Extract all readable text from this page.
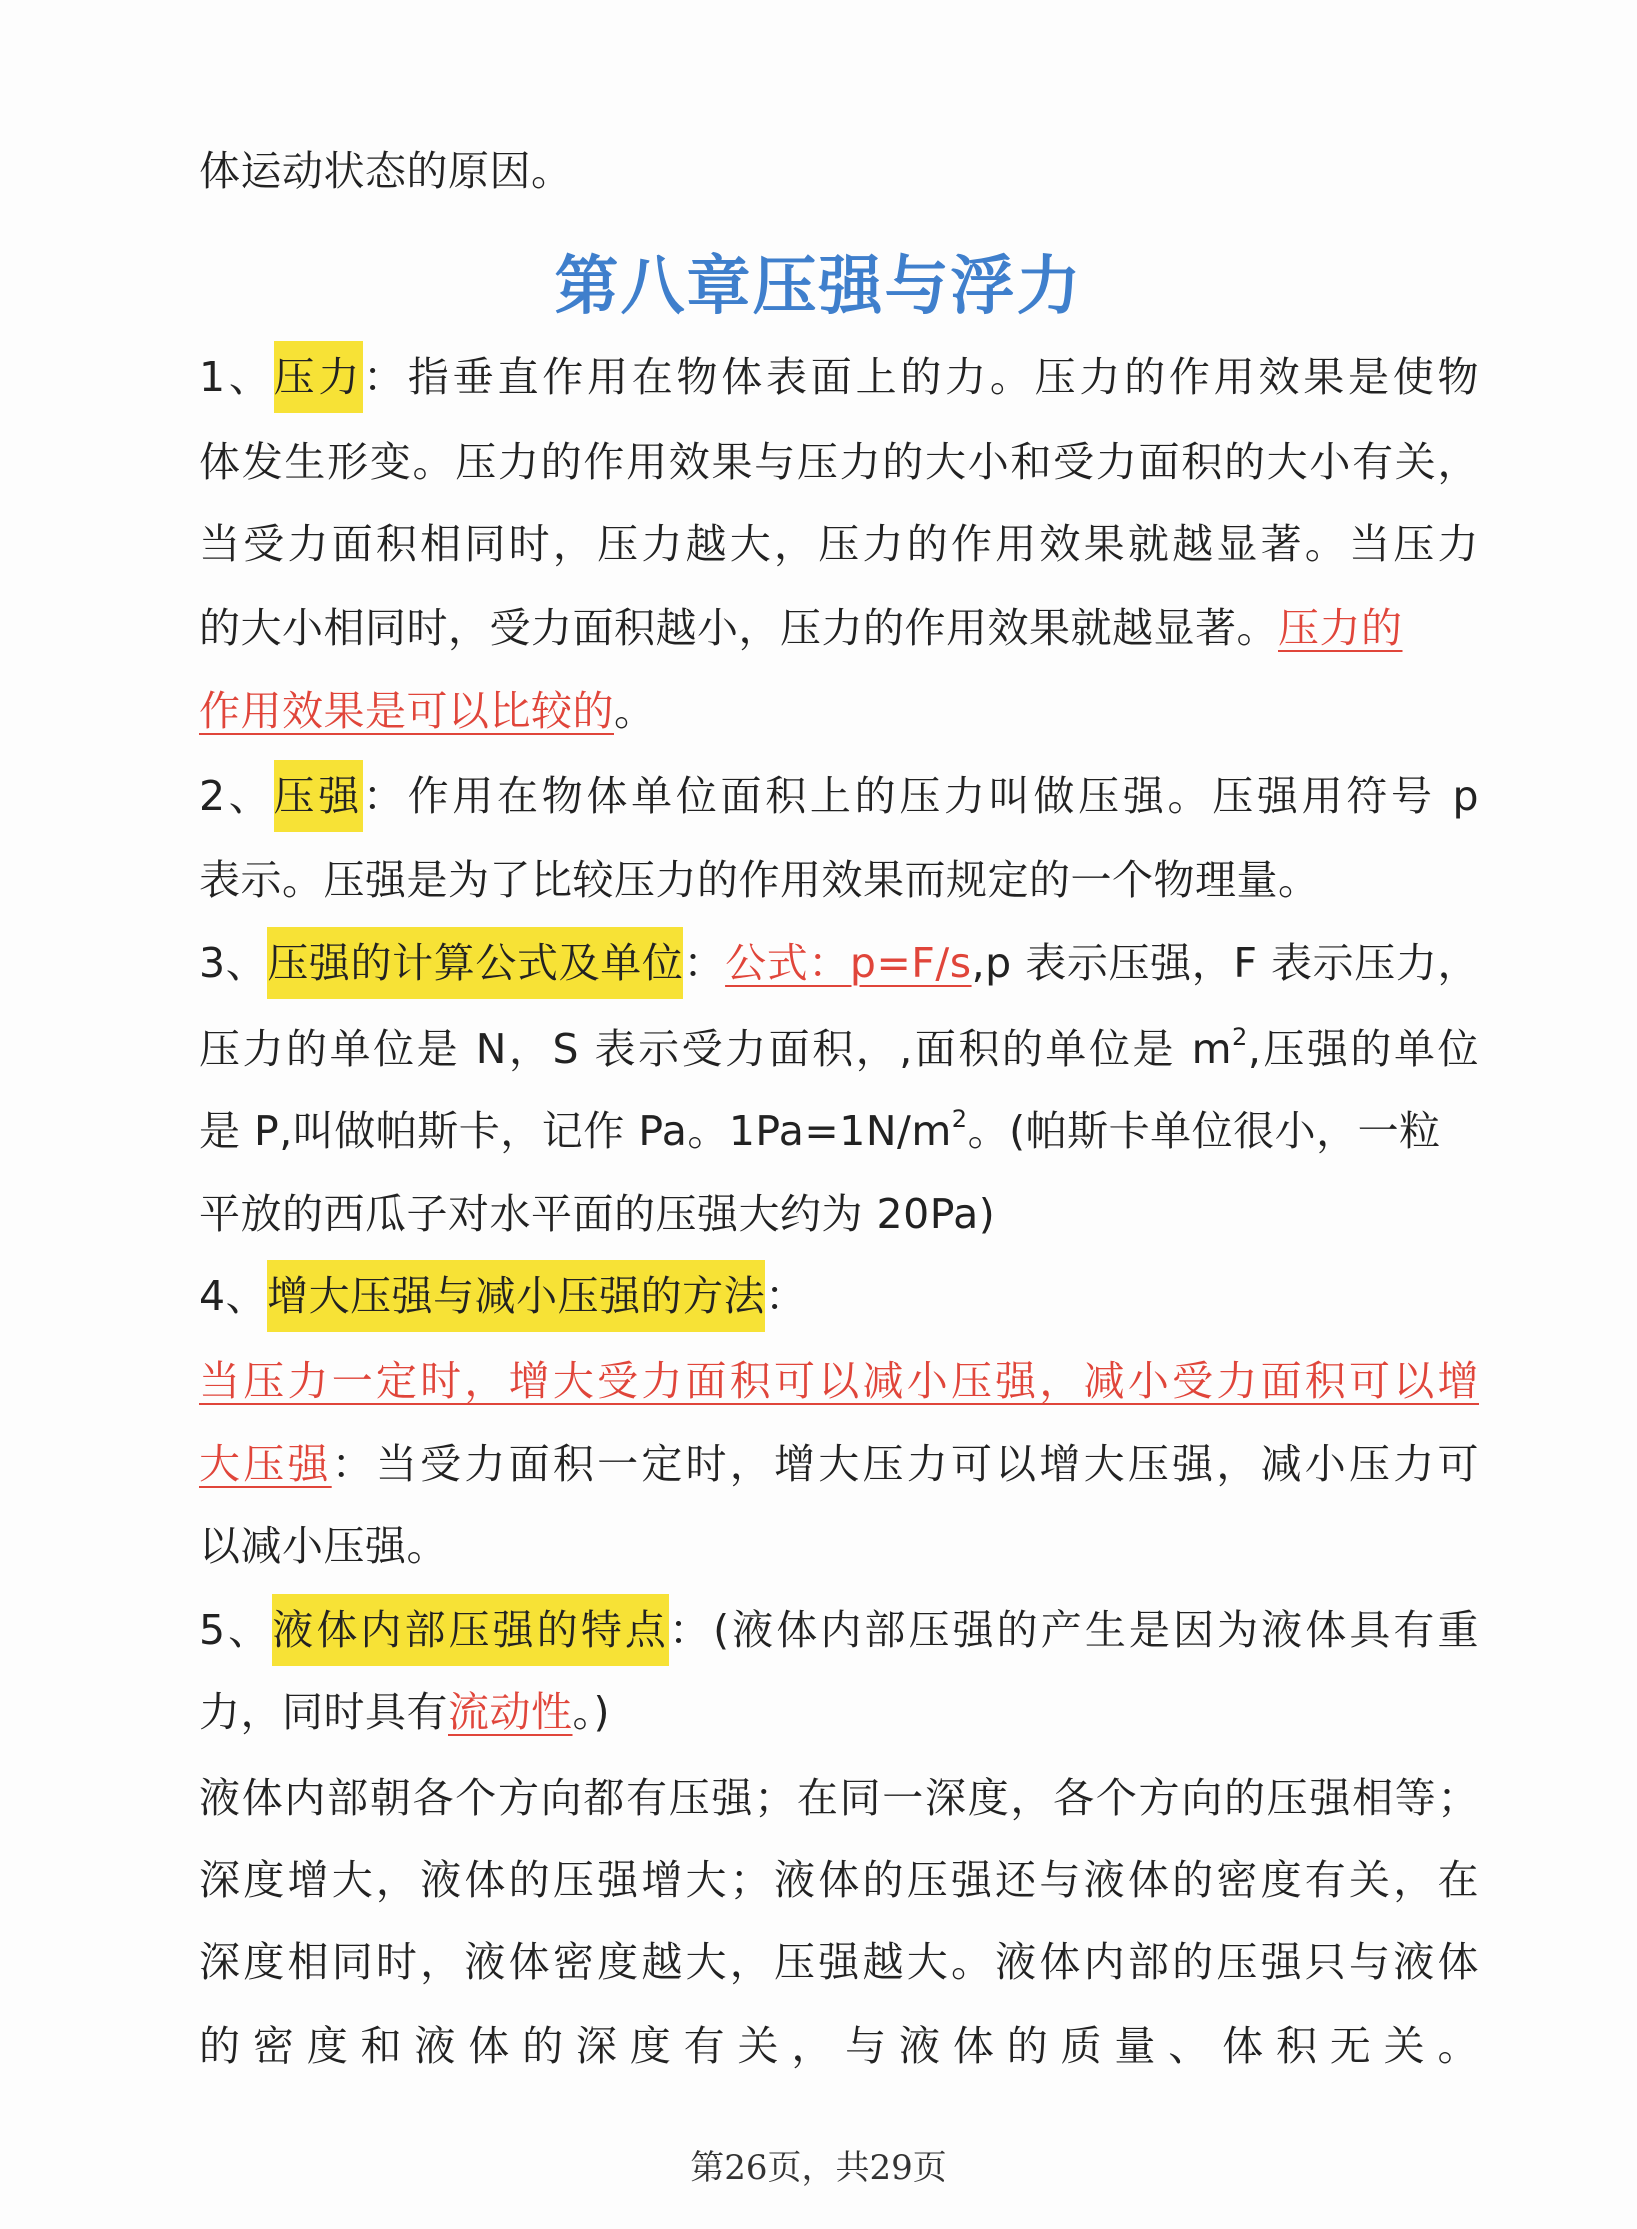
第八章压强与浮力
体运动状态的原因。
1、压力：指垂直作用在物体表面上的力。压力的作用效果是使物
体发生形变。压力的作用效果与压力的大小和受力面积的大小有关，
当受力面积相同时，压力越大，压力的作用效果就越显著。当压力
的大小相同时，受力面积越小，压力的作用效果就越显著。压力的
作用效果是可以比较的。
2、压强：作用在物体单位面积上的压力叫做压强。压强用符号 p
表示。压强是为了比较压力的作用效果而规定的一个物理量。
3、压强的计算公式及单位：公式：p=F/s,p 表示压强，F 表示压力，
压力的单位是 N，S 表示受力面积，,面积的单位是 $m^2$,压强的单位
是 P,叫做帕斯卡，记作 Pa。$1Pa=1N/m^2$。(帕斯卡单位很小，一粒
平放的西瓜子对水平面的压强大约为 20Pa)
4、增大压强与减小压强的方法：
当压力一定时，增大受力面积可以减小压强，减小受力面积可以增
大压强：当受力面积一定时，增大压力可以增大压强，减小压力可
以减小压强。
5、液体内部压强的特点：(液体内部压强的产生是因为液体具有重
力，同时具有流动性。)
液体内部朝各个方向都有压强；在同一深度，各个方向的压强相等；
深度增大，液体的压强增大；液体的压强还与液体的密度有关，在
深度相同时，液体密度越大，压强越大。液体内部的压强只与液体
的密度和液体的深度有关，与液体的质量、体积无关。
第26页，共29页
